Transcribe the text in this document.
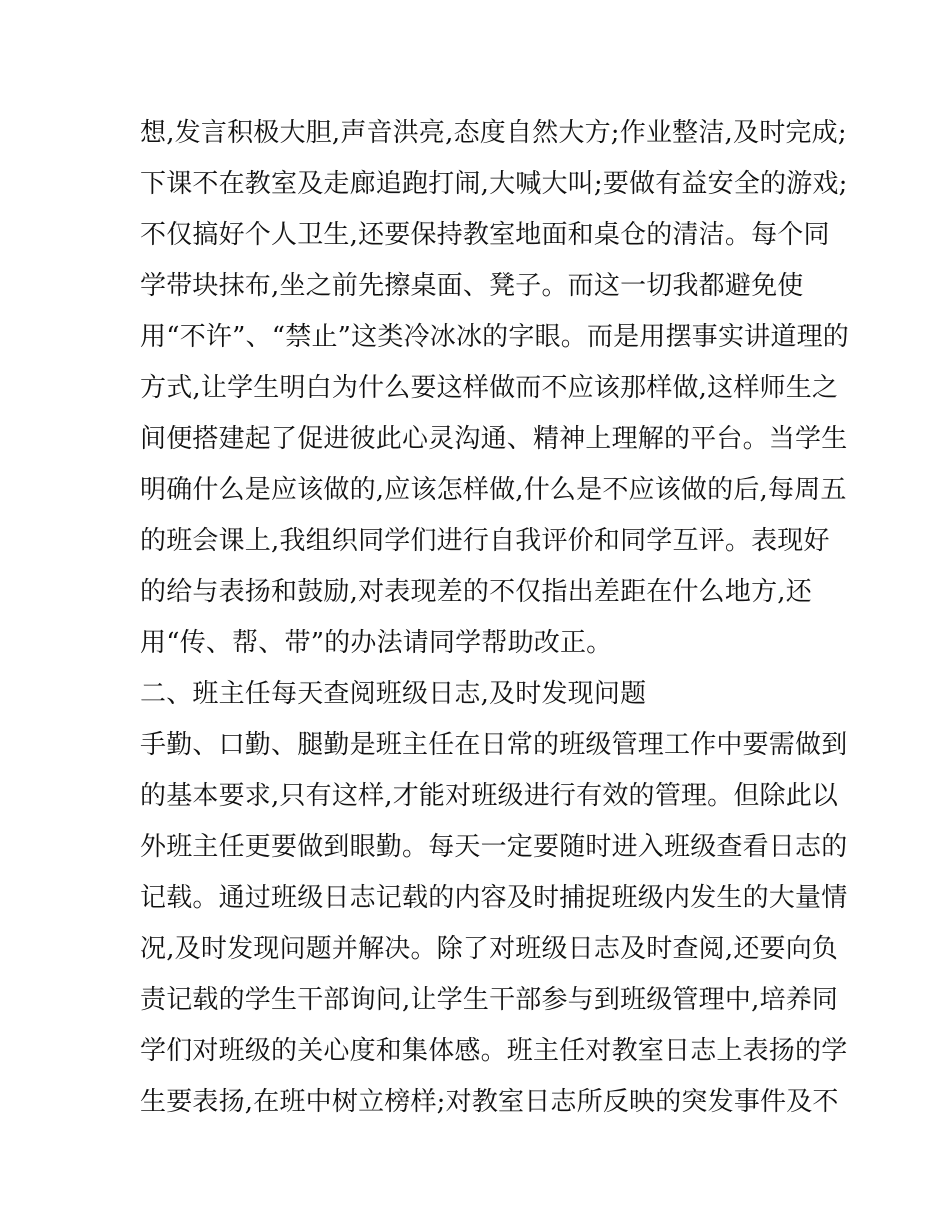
想,发言积极大胆,声音洪亮,态度自然大方;作业整洁,及时完成;
下课不在教室及走廊追跑打闹,大喊大叫;要做有益安全的游戏;
不仅搞好个人卫生,还要保持教室地面和桌仓的清洁。每个同
学带块抹布,坐之前先擦桌面、凳子。而这一切我都避免使
用“不许”、“禁止”这类冷冰冰的字眼。而是用摆事实讲道理的
方式,让学生明白为什么要这样做而不应该那样做,这样师生之
间便搭建起了促进彼此心灵沟通、精神上理解的平台。当学生
明确什么是应该做的,应该怎样做,什么是不应该做的后,每周五
的班会课上,我组织同学们进行自我评价和同学互评。表现好
的给与表扬和鼓励,对表现差的不仅指出差距在什么地方,还
用“传、帮、带”的办法请同学帮助改正。
二、班主任每天查阅班级日志,及时发现问题
手勤、口勤、腿勤是班主任在日常的班级管理工作中要需做到
的基本要求,只有这样,才能对班级进行有效的管理。但除此以
外班主任更要做到眼勤。每天一定要随时进入班级查看日志的
记载。通过班级日志记载的内容及时捕捉班级内发生的大量情
况,及时发现问题并解决。除了对班级日志及时查阅,还要向负
责记载的学生干部询问,让学生干部参与到班级管理中,培养同
学们对班级的关心度和集体感。班主任对教室日志上表扬的学
生要表扬,在班中树立榜样;对教室日志所反映的突发事件及不
